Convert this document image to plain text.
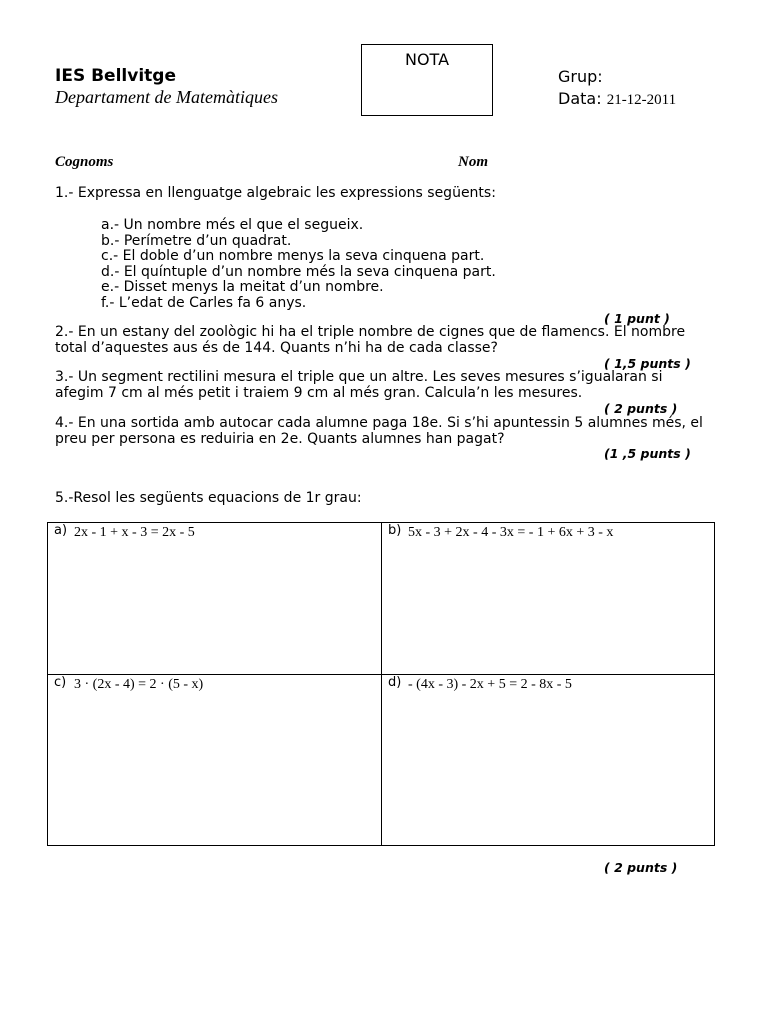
IES Bellvitge
Departament de Matemàtiques
NOTA
Grup:
Data: 21-12-2011
Cognoms	Nom
1.- Expressa en llenguatge algebraic les expressions següents:
a.- Un nombre més el que el segueix.
b.- Perímetre d’un quadrat.
c.- El doble d’un nombre menys la seva cinquena part.
d.- El quíntuple d’un nombre més la seva cinquena part.
e.- Disset menys la meitat d’un nombre.
f.- L’edat de Carles fa 6 anys.
( 1 punt )
2.- En un estany del zoològic hi ha el triple nombre de cignes que de flamencs. El nombre
total d’aquestes aus és de 144. Quants n’hi ha de cada classe?
( 1,5 punts )
3.- Un segment rectilini mesura el triple que un altre. Les seves mesures s’igualaran si
afegim 7 cm al més petit i traiem 9 cm al més gran. Calcula’n les mesures.
( 2 punts )
4.- En una sortida amb autocar cada alumne paga 18e. Si s’hi apuntessin 5 alumnes més, el
preu per persona es reduiria en 2e. Quants alumnes han pagat?
(1 ,5 punts )
5.-Resol les següents equacions de 1r grau:
a) 2x - 1 + x - 3 = 2x - 5	b) 5x - 3 + 2x - 4 - 3x = - 1 + 6x + 3 - x
c) 3 · (2x - 4) = 2 · (5 - x)	d) - (4x - 3) - 2x + 5 = 2 - 8x - 5
( 2 punts )
